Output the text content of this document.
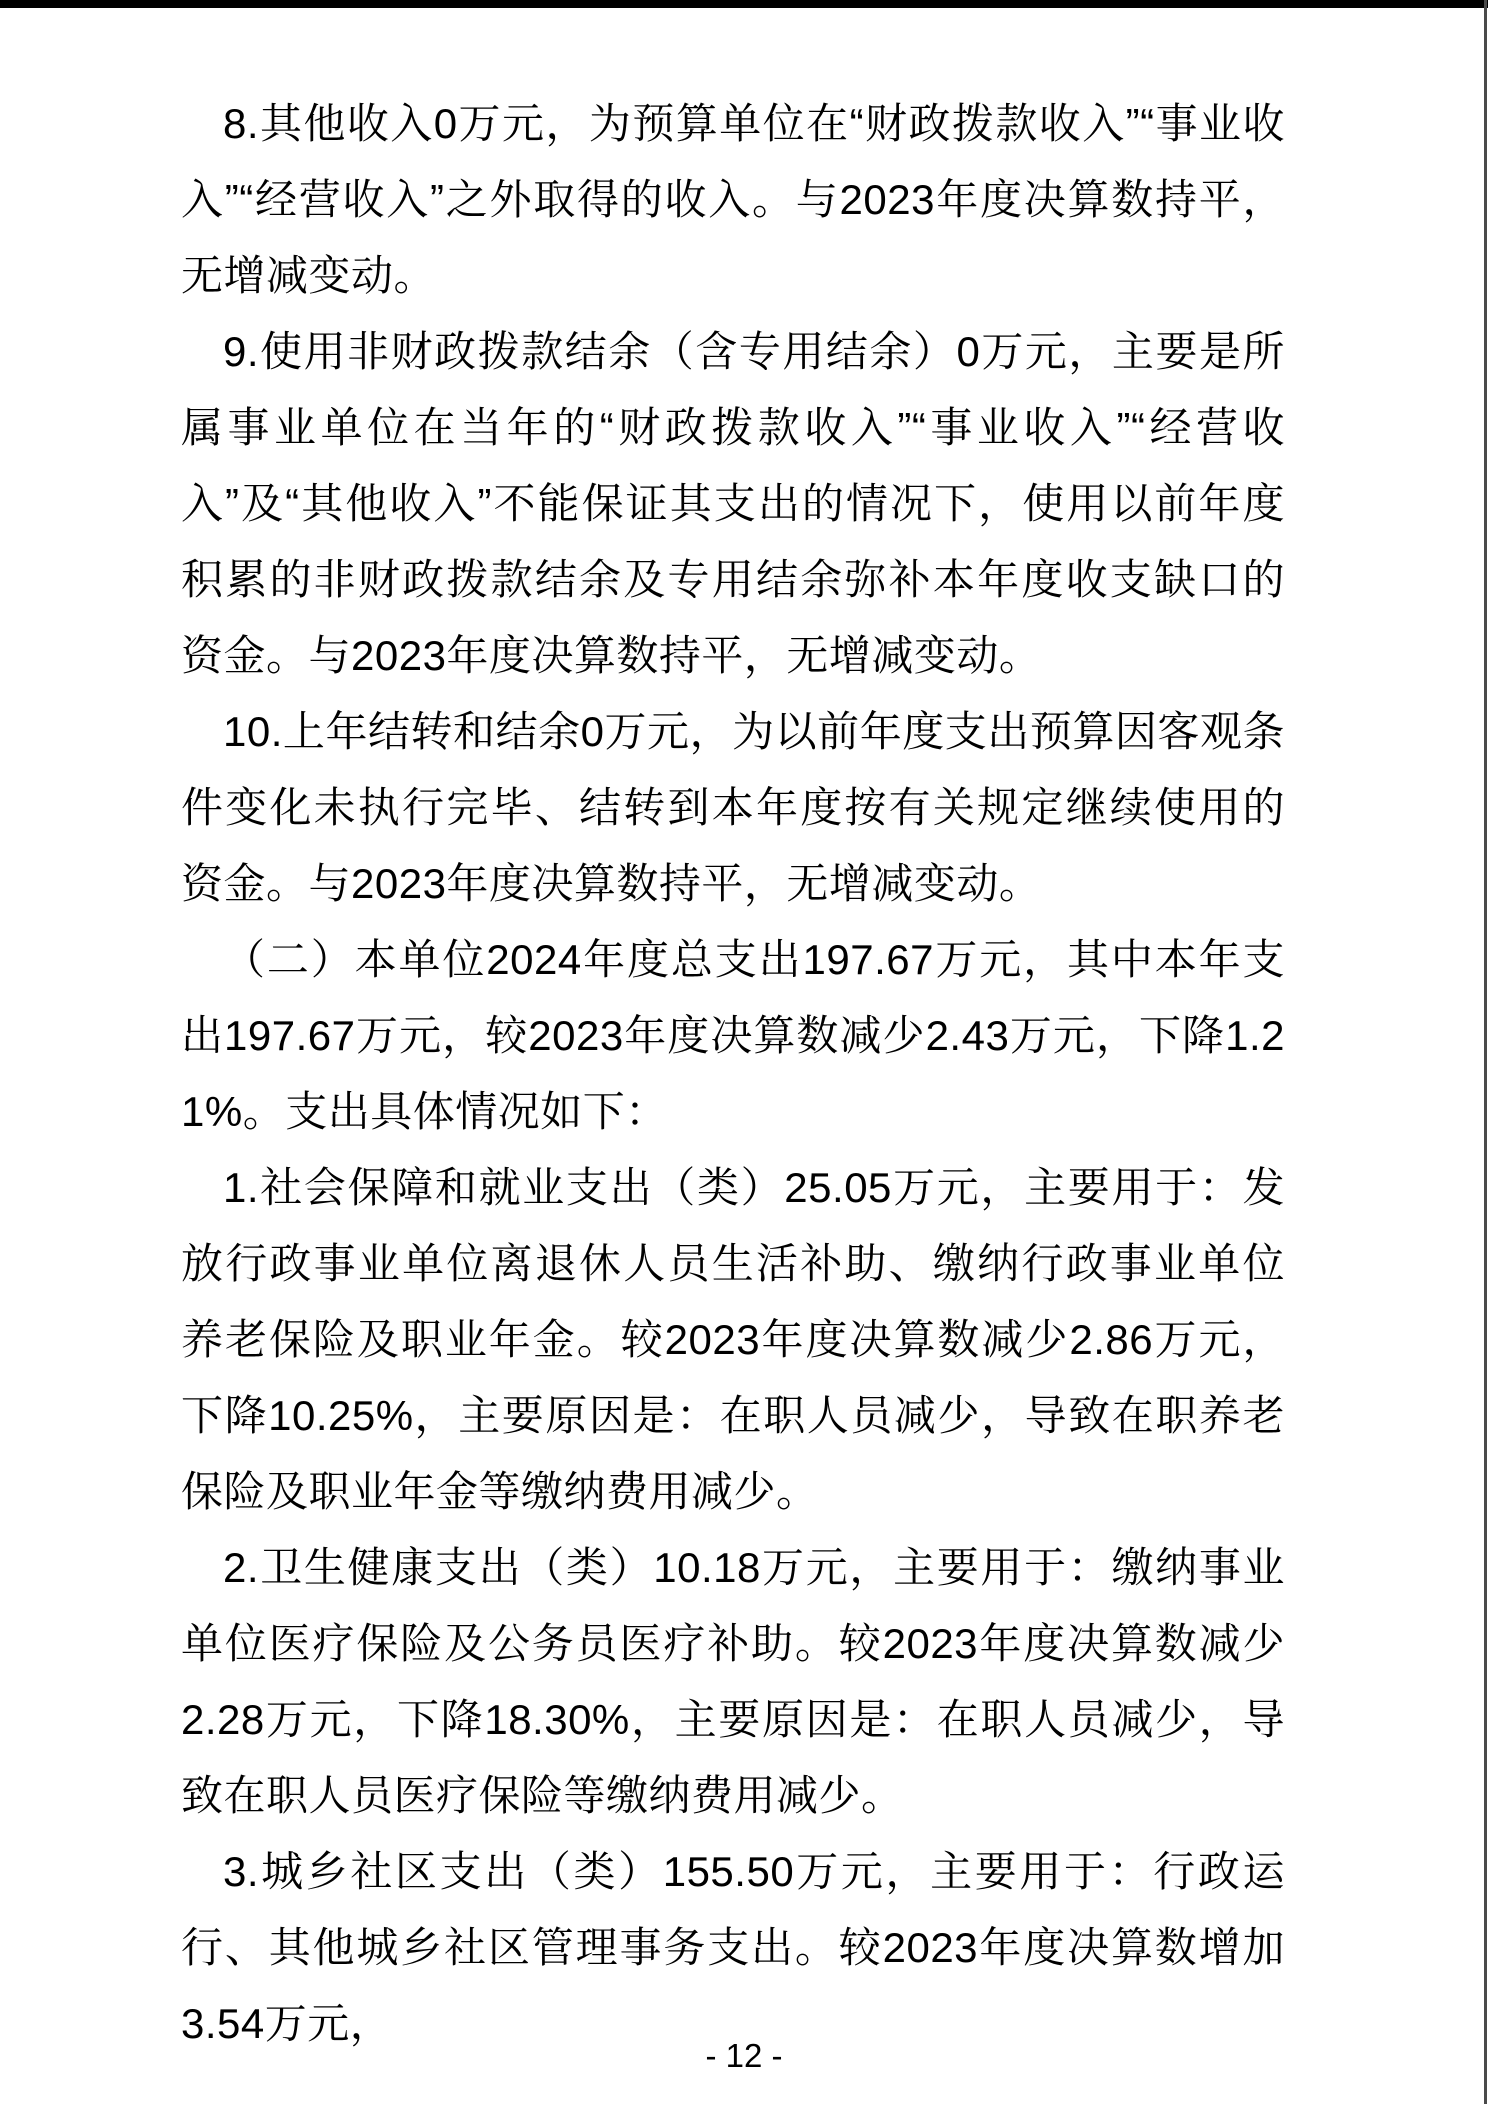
8.其他收入0万元，为预算单位在“财政拨款收入”“事业收入”“经营收入”之外取得的收入。与2023年度决算数持平，无增减变动。

9.使用非财政拨款结余（含专用结余）0万元，主要是所属事业单位在当年的“财政拨款收入”“事业收入”“经营收入”及“其他收入”不能保证其支出的情况下，使用以前年度积累的非财政拨款结余及专用结余弥补本年度收支缺口的资金。与2023年度决算数持平，无增减变动。

10.上年结转和结余0万元，为以前年度支出预算因客观条件变化未执行完毕、结转到本年度按有关规定继续使用的资金。与2023年度决算数持平，无增减变动。

（二）本单位2024年度总支出197.67万元，其中本年支出197.67万元，较2023年度决算数减少2.43万元，下降1.21%。支出具体情况如下：

1.社会保障和就业支出（类）25.05万元，主要用于：发放行政事业单位离退休人员生活补助、缴纳行政事业单位养老保险及职业年金。较2023年度决算数减少2.86万元，下降10.25%，主要原因是：在职人员减少，导致在职养老保险及职业年金等缴纳费用减少。

2.卫生健康支出（类）10.18万元，主要用于：缴纳事业单位医疗保险及公务员医疗补助。较2023年度决算数减少2.28万元，下降18.30%，主要原因是：在职人员减少，导致在职人员医疗保险等缴纳费用减少。

3.城乡社区支出（类）155.50万元，主要用于：行政运行、其他城乡社区管理事务支出。较2023年度决算数增加3.54万元，

- 12 -
